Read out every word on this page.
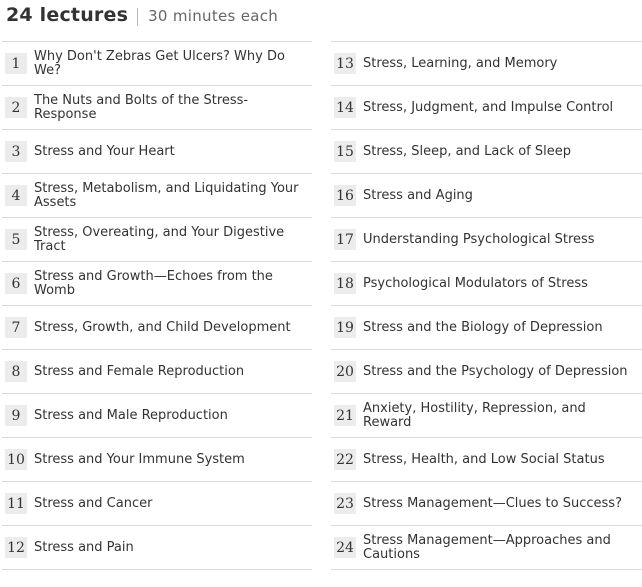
24 lectures 30 minutes each
1	Why Don't Zebras Get Ulcers? Why Do We?
2	The Nuts and Bolts of the Stress-Response
3	Stress and Your Heart
4	Stress, Metabolism, and Liquidating Your Assets
5	Stress, Overeating, and Your Digestive Tract
6	Stress and Growth—Echoes from the Womb
7	Stress, Growth, and Child Development
8	Stress and Female Reproduction
9	Stress and Male Reproduction
10 Stress and Your Immune System
11 Stress and Cancer
12 Stress and Pain
13 Stress, Learning, and Memory
14 Stress, Judgment, and Impulse Control
15 Stress, Sleep, and Lack of Sleep
16 Stress and Aging
17 Understanding Psychological Stress
18 Psychological Modulators of Stress
19 Stress and the Biology of Depression
20 Stress and the Psychology of Depression
21 Anxiety, Hostility, Repression, and Reward
22 Stress, Health, and Low Social Status
23 Stress Management—Clues to Success?
24 Stress Management—Approaches and Cautions
